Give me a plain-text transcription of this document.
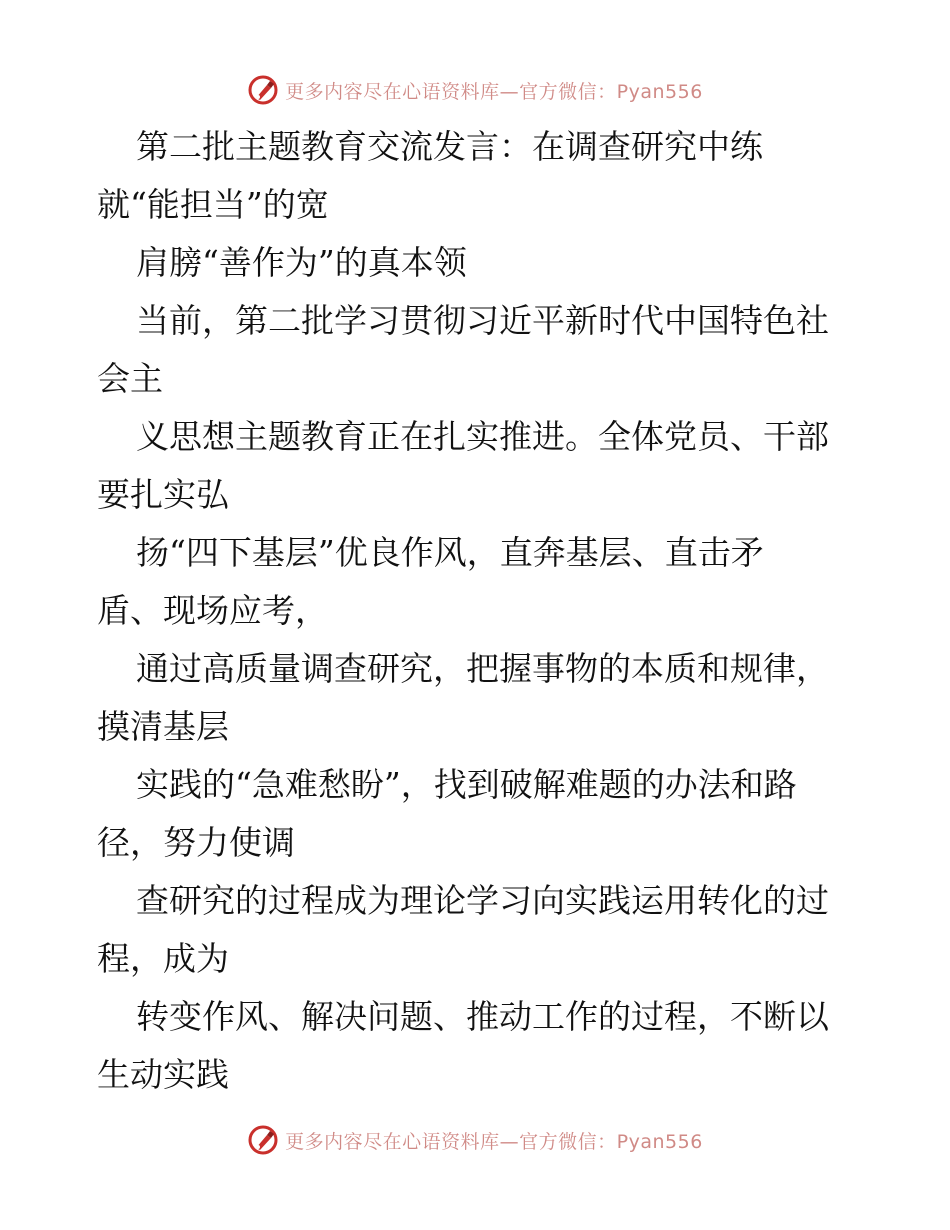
更多内容尽在心语资料库—官方微信：Pyan556
第二批主题教育交流发言：在调查研究中练
就“能担当”的宽
肩膀“善作为”的真本领
当前，第二批学习贯彻习近平新时代中国特色社
会主
义思想主题教育正在扎实推进。全体党员、干部
要扎实弘
扬“四下基层”优良作风，直奔基层、直击矛
盾、现场应考，
通过高质量调查研究，把握事物的本质和规律，
摸清基层
实践的“急难愁盼”，找到破解难题的办法和路
径，努力使调
查研究的过程成为理论学习向实践运用转化的过
程，成为
转变作风、解决问题、推动工作的过程，不断以
生动实践
更多内容尽在心语资料库—官方微信：Pyan556
